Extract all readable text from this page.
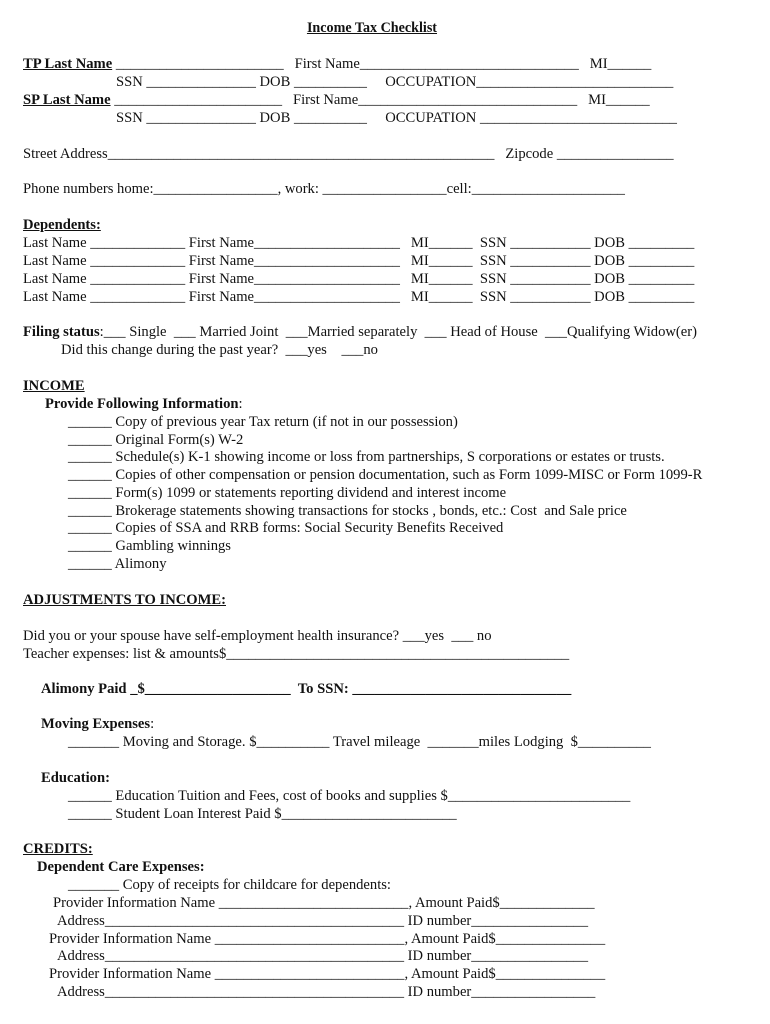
Income Tax Checklist
TP Last Name _______________________   First Name______________________________   MI______
SSN _______________ DOB __________     OCCUPATION___________________________
SP Last Name _______________________   First Name______________________________   MI______
SSN _______________ DOB __________     OCCUPATION ___________________________
Street Address_____________________________________________________   Zipcode ________________
Phone numbers home:_________________, work: _________________cell:_____________________
Dependents:
Last Name _____________ First Name____________________   MI______  SSN ___________ DOB _________
Last Name _____________ First Name____________________   MI______  SSN ___________ DOB _________
Last Name _____________ First Name____________________   MI______  SSN ___________ DOB _________
Last Name _____________ First Name____________________   MI______  SSN ___________ DOB _________
Filing status:___ Single  ___ Married Joint  ___Married separately  ___ Head of House  ___Qualifying Widow(er)
Did this change during the past year?  ___yes    ___no
INCOME
Provide Following Information:
______ Copy of previous year Tax return (if not in our possession)
______ Original Form(s) W-2
______ Schedule(s) K-1 showing income or loss from partnerships, S corporations or estates or trusts.
______ Copies of other compensation or pension documentation, such as Form 1099-MISC or Form 1099-R
______ Form(s) 1099 or statements reporting dividend and interest income
______ Brokerage statements showing transactions for stocks , bonds, etc.: Cost  and Sale price
______ Copies of SSA and RRB forms: Social Security Benefits Received
______ Gambling winnings
______ Alimony
ADJUSTMENTS TO INCOME:
Did you or your spouse have self-employment health insurance? ___yes  ___ no
Teacher expenses: list & amounts$_______________________________________________
Alimony Paid _$____________________  To SSN: ______________________________
Moving Expenses:
_______ Moving and Storage. $__________ Travel mileage  _______miles Lodging  $__________
Education:
______ Education Tuition and Fees, cost of books and supplies $_________________________
______ Student Loan Interest Paid $________________________
CREDITS:
Dependent Care Expenses:
_______ Copy of receipts for childcare for dependents:
Provider Information Name __________________________, Amount Paid$_____________
Address_________________________________________ ID number________________
Provider Information Name __________________________, Amount Paid$_______________
Address_________________________________________ ID number________________
Provider Information Name __________________________, Amount Paid$_______________
Address_________________________________________ ID number_________________
